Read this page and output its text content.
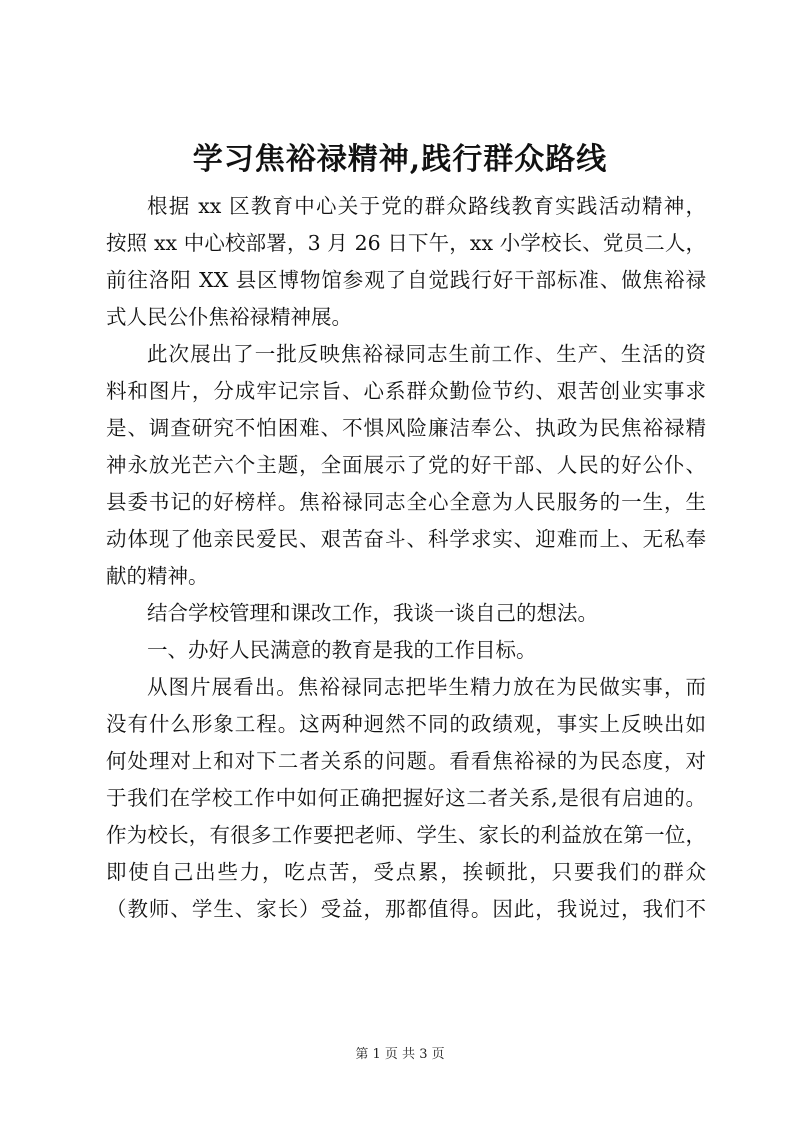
学习焦裕禄精神,践行群众路线

根据 xx 区教育中心关于党的群众路线教育实践活动精神，
按照 xx 中心校部署，3 月 26 日下午，xx 小学校长、党员二人，
前往洛阳 XX 县区博物馆参观了自觉践行好干部标准、做焦裕禄
式人民公仆焦裕禄精神展。

此次展出了一批反映焦裕禄同志生前工作、生产、生活的资
料和图片，分成牢记宗旨、心系群众勤俭节约、艰苦创业实事求
是、调查研究不怕困难、不惧风险廉洁奉公、执政为民焦裕禄精
神永放光芒六个主题，全面展示了党的好干部、人民的好公仆、
县委书记的好榜样。焦裕禄同志全心全意为人民服务的一生，生
动体现了他亲民爱民、艰苦奋斗、科学求实、迎难而上、无私奉
献的精神。

结合学校管理和课改工作，我谈一谈自己的想法。

一、办好人民满意的教育是我的工作目标。

从图片展看出。焦裕禄同志把毕生精力放在为民做实事，而
没有什么形象工程。这两种迥然不同的政绩观，事实上反映出如
何处理对上和对下二者关系的问题。看看焦裕禄的为民态度，对
于我们在学校工作中如何正确把握好这二者关系,是很有启迪的。
作为校长，有很多工作要把老师、学生、家长的利益放在第一位，
即使自己出些力，吃点苦，受点累，挨顿批，只要我们的群众
（教师、学生、家长）受益，那都值得。因此，我说过，我们不

第 1 页 共 3 页
